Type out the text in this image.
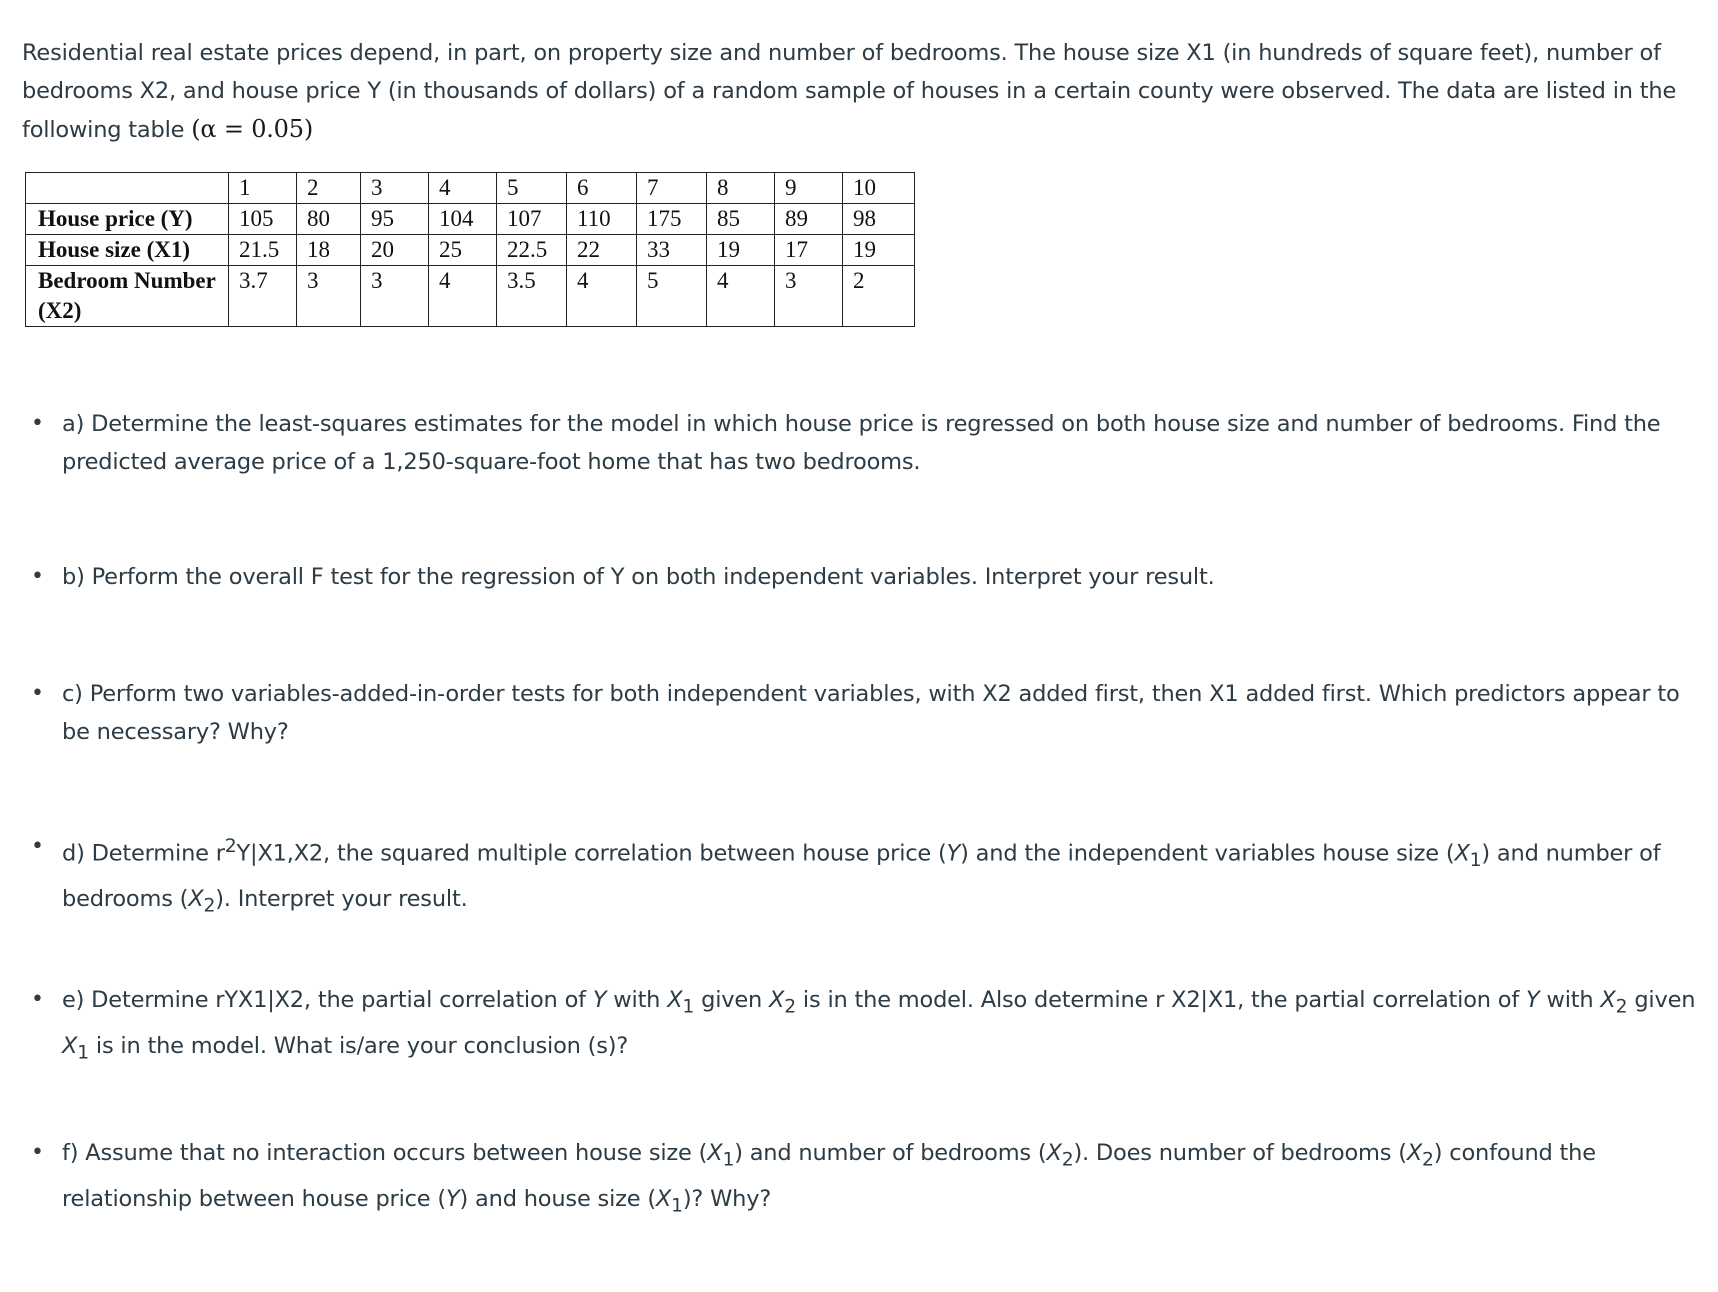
Residential real estate prices depend, in part, on property size and number of bedrooms. The house size X1 (in hundreds of square feet), number of bedrooms X2, and house price Y (in thousands of dollars) of a random sample of houses in a certain county were observed. The data are listed in the following table (α = 0.05)

	1	2	3	4	5	6	7	8	9	10
House price (Y)	105	80	95	104	107	110	175	85	89	98
House size (X1)	21.5	18	20	25	22.5	22	33	19	17	19
Bedroom Number (X2)	3.7	3	3	4	3.5	4	5	4	3	2
• a) Determine the least-squares estimates for the model in which house price is regressed on both house size and number of bedrooms. Find the predicted average price of a 1,250-square-foot home that has two bedrooms.
• b) Perform the overall F test for the regression of Y on both independent variables. Interpret your result.
• c) Perform two variables-added-in-order tests for both independent variables, with X2 added first, then X1 added first. Which predictors appear to be necessary? Why?
• d) Determine $r^2Y|X1,X2$, the squared multiple correlation between house price (Y) and the independent variables house size $(X_1)$ and number of bedrooms $(X_2)$. Interpret your result.
• e) Determine rYX1|X2, the partial correlation of Y with $X_1$ given $X_2$ is in the model. Also determine r X2|X1, the partial correlation of Y with $X_2$ given $X_1$ is in the model. What is/are your conclusion (s)?
• f) Assume that no interaction occurs between house size $(X_1)$ and number of bedrooms $(X_2)$. Does number of bedrooms $(X_2)$ confound the relationship between house price (Y) and house size $(X_1)$? Why?
